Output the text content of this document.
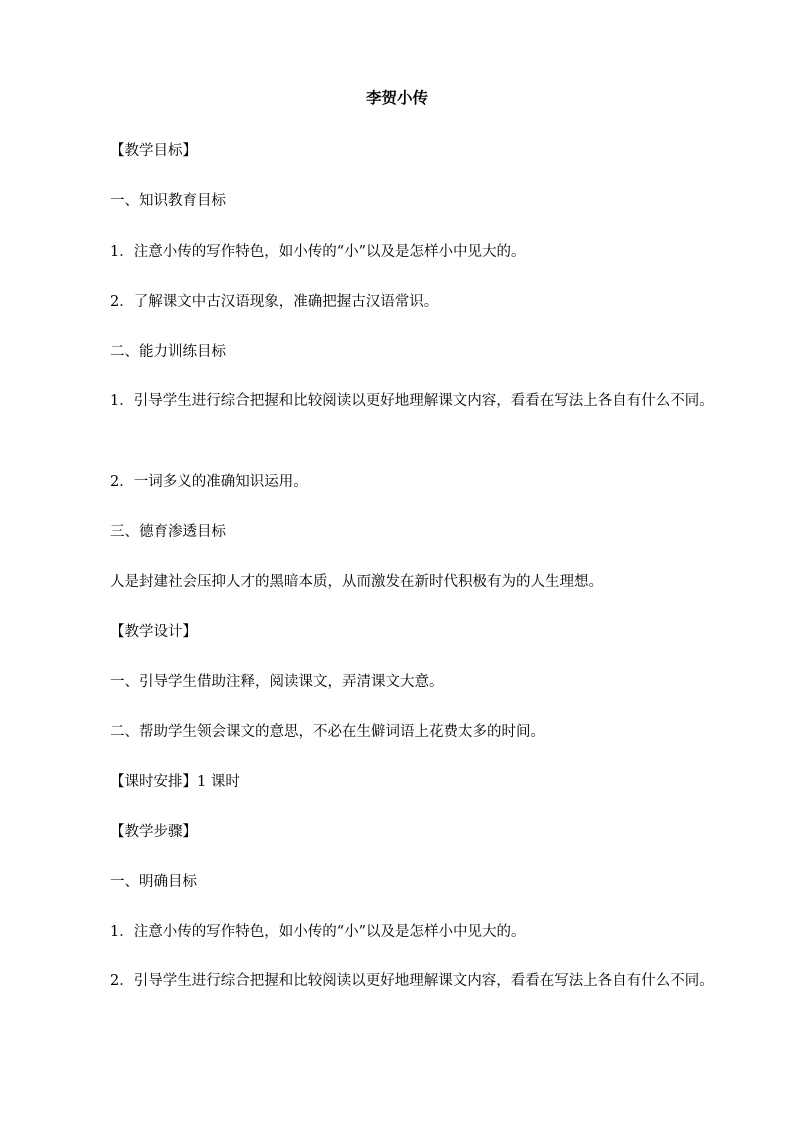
李贺小传
【教学目标】
一、知识教育目标
1．注意小传的写作特色，如小传的“小”以及是怎样小中见大的。
2．了解课文中古汉语现象，准确把握古汉语常识。
二、能力训练目标
1．引导学生进行综合把握和比较阅读以更好地理解课文内容，看看在写法上各自有什么不同。
2．一词多义的准确知识运用。
三、德育渗透目标
人是封建社会压抑人才的黑暗本质，从而激发在新时代积极有为的人生理想。
【教学设计】
一、引导学生借助注释，阅读课文，弄清课文大意。
二、帮助学生领会课文的意思，不必在生僻词语上花费太多的时间。
【课时安排】1 课时
【教学步骤】
一、明确目标
1．注意小传的写作特色，如小传的“小”以及是怎样小中见大的。
2．引导学生进行综合把握和比较阅读以更好地理解课文内容，看看在写法上各自有什么不同。
